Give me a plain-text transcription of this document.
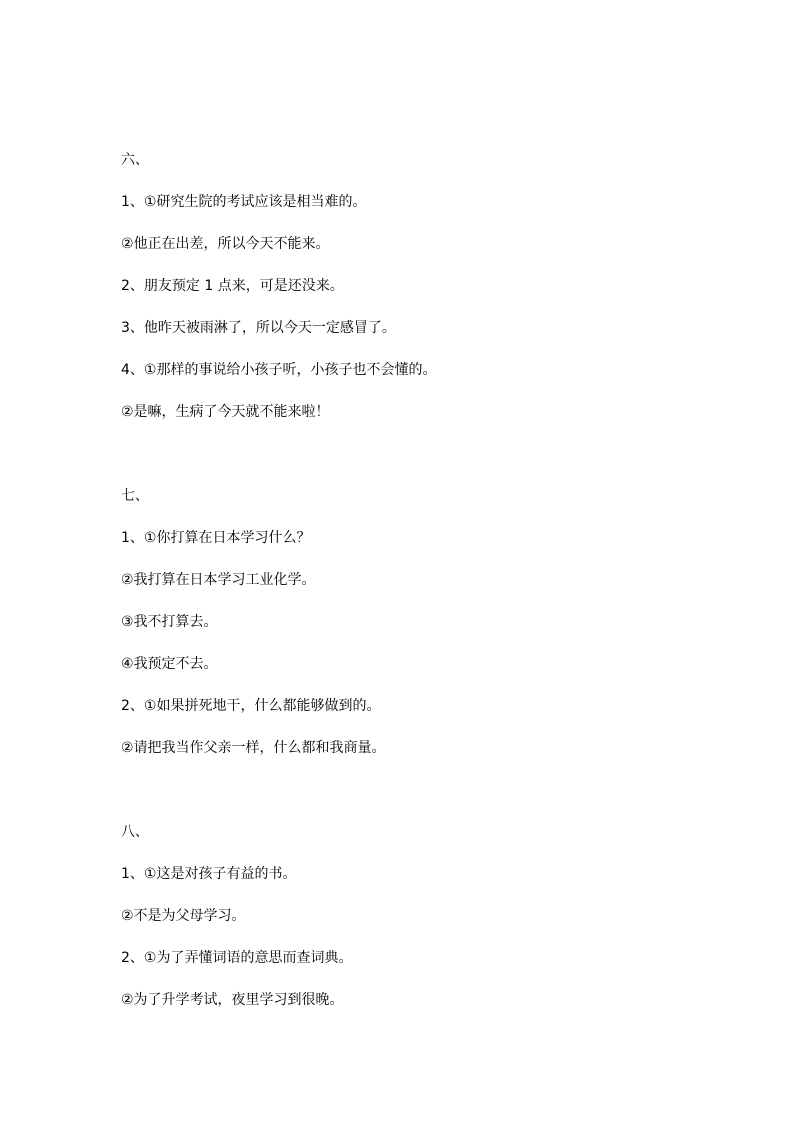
六、
1、①研究生院的考试应该是相当难的。
②他正在出差，所以今天不能来。
2、朋友预定 1 点来，可是还没来。
3、他昨天被雨淋了，所以今天一定感冒了。
4、①那样的事说给小孩子听，小孩子也不会懂的。
②是嘛，生病了今天就不能来啦！
七、
1、①你打算在日本学习什么？
②我打算在日本学习工业化学。
③我不打算去。
④我预定不去。
2、①如果拼死地干，什么都能够做到的。
②请把我当作父亲一样，什么都和我商量。
八、
1、①这是对孩子有益的书。
②不是为父母学习。
2、①为了弄懂词语的意思而查词典。
②为了升学考试，夜里学习到很晚。
